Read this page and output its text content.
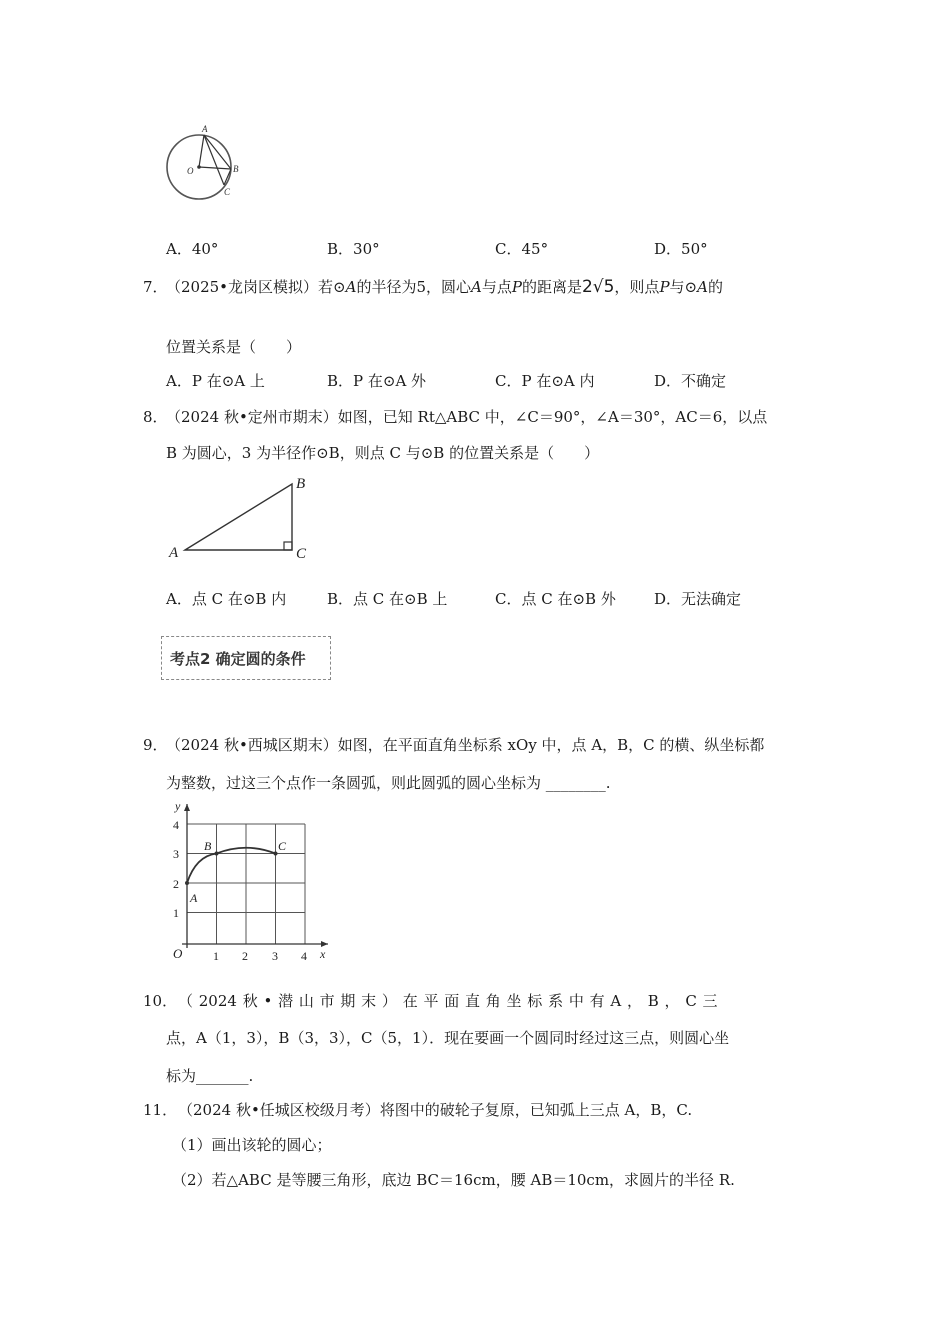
A
O	B
C
A．40°	B．30°	C．45°	D．50°
7．
（2025•龙岗区模拟）若⊙A的半径为5，圆心A与点P的距离是2√5，则点P与⊙A的
位置关系是（　　）
A．P 在⊙A 上	B．P 在⊙A 外	C．P 在⊙A 内	D．不确定
8．
（2024 秋•定州市期末）如图，已知 Rt△ABC 中，∠C＝90°，∠A＝30°，AC＝6，以点
B 为圆心，3 为半径作⊙B，则点 C 与⊙B 的位置关系是（　　）
A
B
C
A．点 C 在⊙B 内	B．点 C 在⊙B 上	C．点 C 在⊙B 外	D．无法确定
考点2 确定圆的条件
9．
（2024 秋•西城区期末）如图，在平面直角坐标系 xOy 中，点 A，B，C 的横、纵坐标都
为整数，过这三个点作一条圆弧，则此圆弧的圆心坐标为 ________.
A
B	C
O	x
y
1 2 3 4
1
2
3
4
10． （ 2024 秋 • 潜 山 市 期 末 ） 在 平 面 直 角 坐 标 系 中 有 A ， B ， C 三
点，A（1，3），B（3，3），C（5，1）．现在要画一个圆同时经过这三点，则圆心坐
标为_______.
11． （2024 秋•任城区校级月考）将图中的破轮子复原，已知弧上三点 A，B，C.
（1）画出该轮的圆心；
（2）若△ABC 是等腰三角形，底边 BC＝16cm，腰 AB＝10cm，求圆片的半径 R.
